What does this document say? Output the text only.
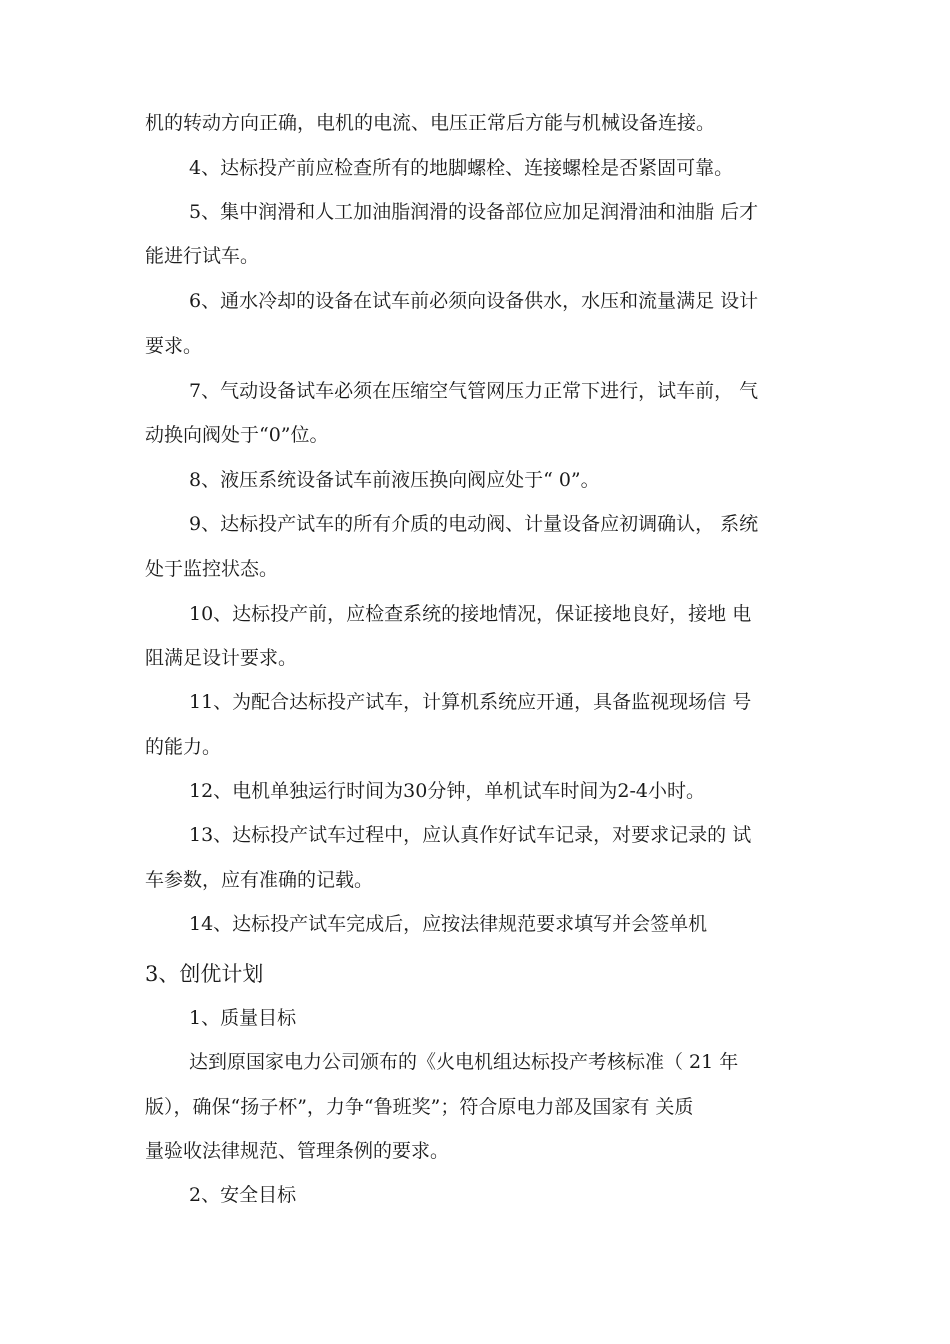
机的转动方向正确，电机的电流、电压正常后方能与机械设备连接。
4、达标投产前应检查所有的地脚螺栓、连接螺栓是否紧固可靠。
5、集中润滑和人工加油脂润滑的设备部位应加足润滑油和油脂 后才
能进行试车。
6、通水冷却的设备在试车前必须向设备供水，水压和流量满足 设计
要求。
7、气动设备试车必须在压缩空气管网压力正常下进行，试车前， 气
动换向阀处于“0”位。
8、液压系统设备试车前液压换向阀应处于“ 0”。
9、达标投产试车的所有介质的电动阀、计量设备应初调确认， 系统
处于监控状态。
10、达标投产前，应检查系统的接地情况，保证接地良好，接地 电
阻满足设计要求。
11、为配合达标投产试车，计算机系统应开通，具备监视现场信 号
的能力。
12、电机单独运行时间为30分钟，单机试车时间为2-4小时。
13、达标投产试车过程中，应认真作好试车记录，对要求记录的 试
车参数，应有准确的记载。
14、达标投产试车完成后，应按法律规范要求填写并会签单机
3、创优计划
1、质量目标
达到原国家电力公司颁布的《火电机组达标投产考核标准（ 21 年
版），确保“扬子杯”，力争“鲁班奖”；符合原电力部及国家有 关质
量验收法律规范、管理条例的要求。
2、安全目标
